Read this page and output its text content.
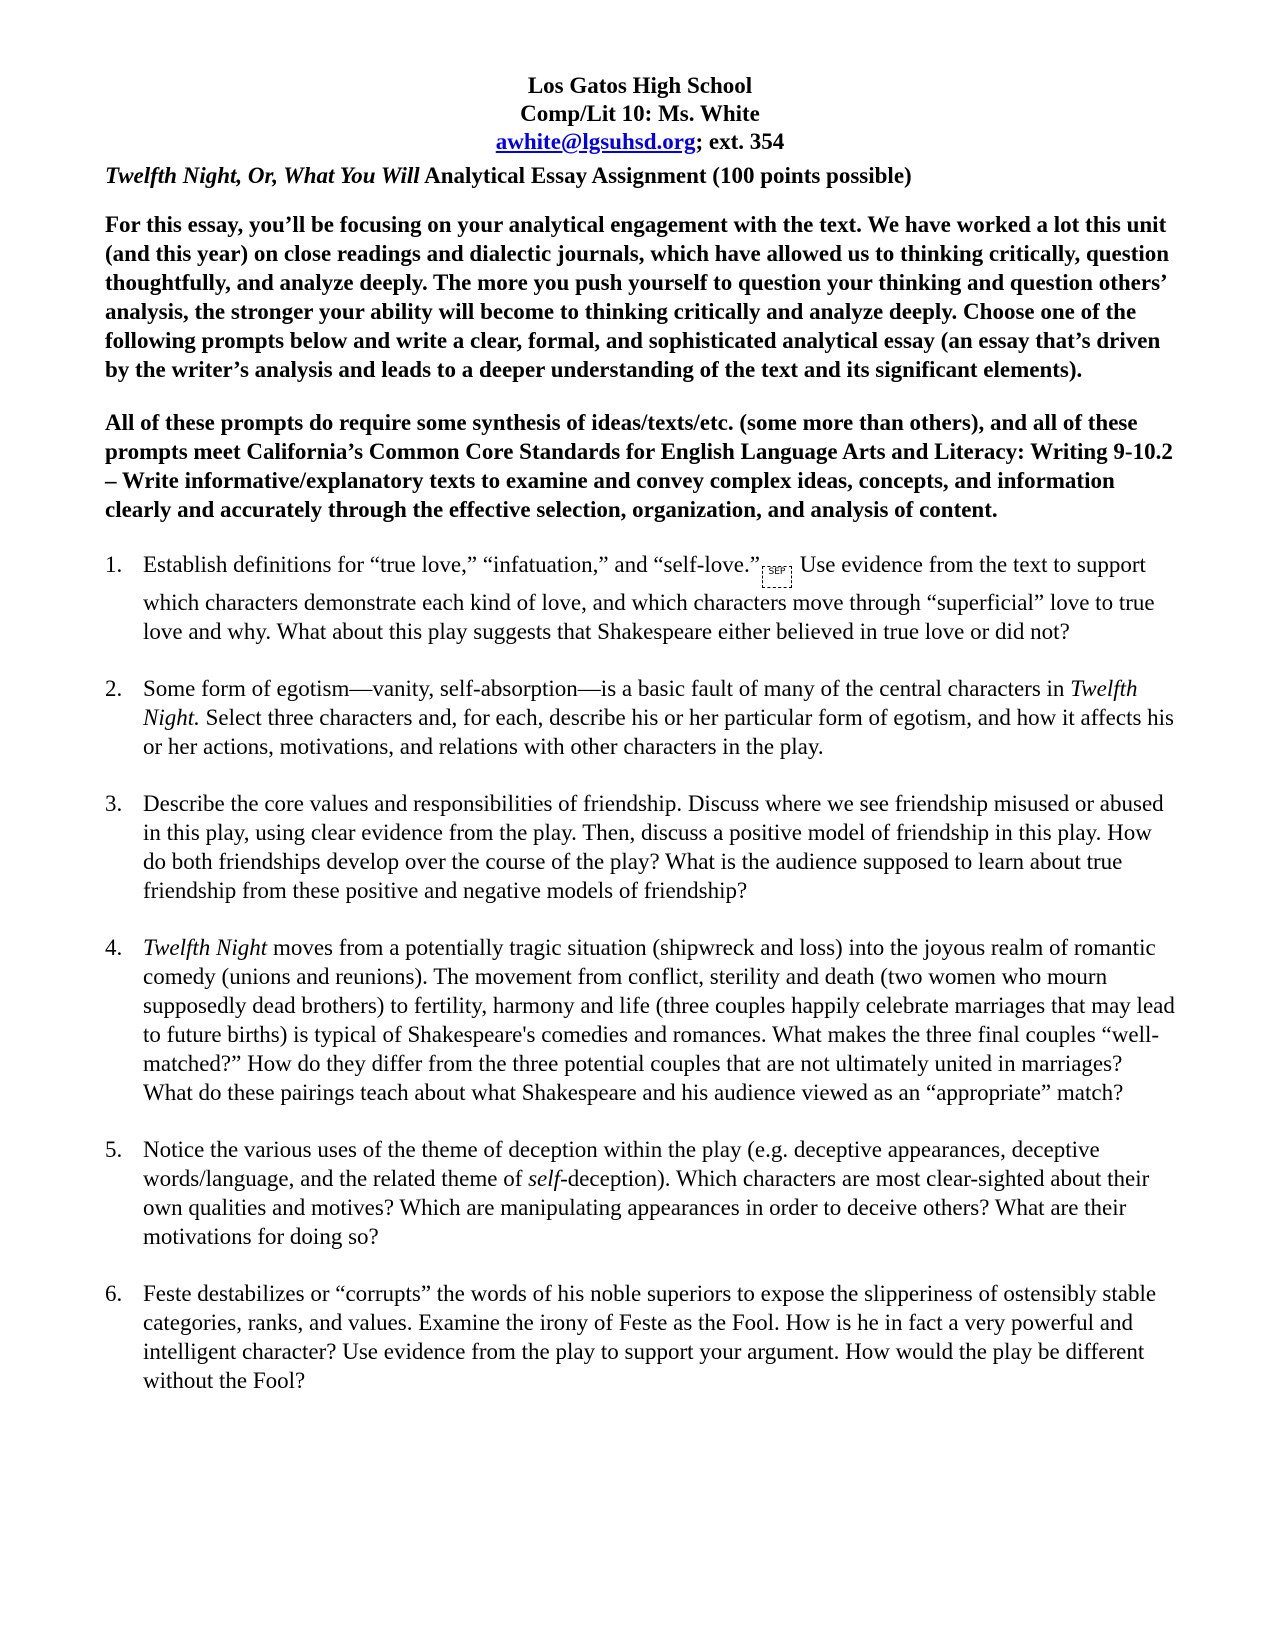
Los Gatos High School
Comp/Lit 10: Ms. White
awhite@lgsuhsd.org; ext. 354
Twelfth Night, Or, What You Will Analytical Essay Assignment (100 points possible)

For this essay, you’ll be focusing on your analytical engagement with the text. We have worked a lot this unit (and this year) on close readings and dialectic journals, which have allowed us to thinking critically, question thoughtfully, and analyze deeply. The more you push yourself to question your thinking and question others’ analysis, the stronger your ability will become to thinking critically and analyze deeply. Choose one of the following prompts below and write a clear, formal, and sophisticated analytical essay (an essay that’s driven by the writer’s analysis and leads to a deeper understanding of the text and its significant elements).

All of these prompts do require some synthesis of ideas/texts/etc. (some more than others), and all of these prompts meet California’s Common Core Standards for English Language Arts and Literacy: Writing 9-10.2 – Write informative/explanatory texts to examine and convey complex ideas, concepts, and information clearly and accurately through the effective selection, organization, and analysis of content.

1. Establish definitions for “true love,” “infatuation,” and “self-love.” SEP Use evidence from the text to support which characters demonstrate each kind of love, and which characters move through “superficial” love to true love and why. What about this play suggests that Shakespeare either believed in true love or did not?
2. Some form of egotism—vanity, self-absorption—is a basic fault of many of the central characters in Twelfth Night. Select three characters and, for each, describe his or her particular form of egotism, and how it affects his or her actions, motivations, and relations with other characters in the play.
3. Describe the core values and responsibilities of friendship. Discuss where we see friendship misused or abused in this play, using clear evidence from the play. Then, discuss a positive model of friendship in this play. How do both friendships develop over the course of the play? What is the audience supposed to learn about true friendship from these positive and negative models of friendship?
4. Twelfth Night moves from a potentially tragic situation (shipwreck and loss) into the joyous realm of romantic comedy (unions and reunions). The movement from conflict, sterility and death (two women who mourn supposedly dead brothers) to fertility, harmony and life (three couples happily celebrate marriages that may lead to future births) is typical of Shakespeare's comedies and romances. What makes the three final couples “well-matched?” How do they differ from the three potential couples that are not ultimately united in marriages? What do these pairings teach about what Shakespeare and his audience viewed as an “appropriate” match?
5. Notice the various uses of the theme of deception within the play (e.g. deceptive appearances, deceptive words/language, and the related theme of self-deception). Which characters are most clear-sighted about their own qualities and motives? Which are manipulating appearances in order to deceive others? What are their motivations for doing so?
6. Feste destabilizes or “corrupts” the words of his noble superiors to expose the slipperiness of ostensibly stable categories, ranks, and values. Examine the irony of Feste as the Fool. How is he in fact a very powerful and intelligent character? Use evidence from the play to support your argument. How would the play be different without the Fool?
